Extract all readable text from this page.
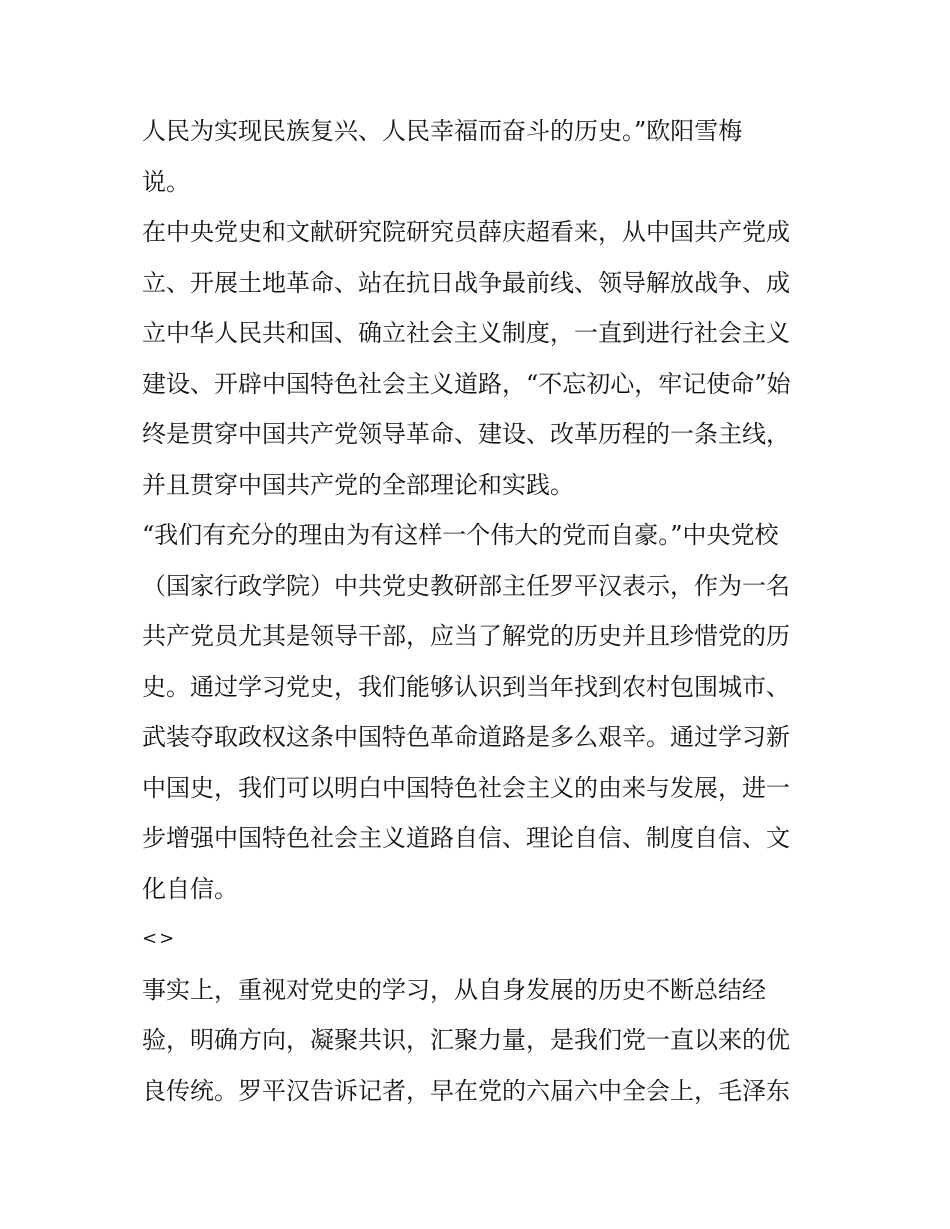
人民为实现民族复兴、人民幸福而奋斗的历史。”欧阳雪梅
说。
在中央党史和文献研究院研究员薛庆超看来，从中国共产党成
立、开展土地革命、站在抗日战争最前线、领导解放战争、成
立中华人民共和国、确立社会主义制度，一直到进行社会主义
建设、开辟中国特色社会主义道路，“不忘初心，牢记使命”始
终是贯穿中国共产党领导革命、建设、改革历程的一条主线，
并且贯穿中国共产党的全部理论和实践。
“我们有充分的理由为有这样一个伟大的党而自豪。”中央党校
（国家行政学院）中共党史教研部主任罗平汉表示，作为一名
共产党员尤其是领导干部，应当了解党的历史并且珍惜党的历
史。通过学习党史，我们能够认识到当年找到农村包围城市、
武装夺取政权这条中国特色革命道路是多么艰辛。通过学习新
中国史，我们可以明白中国特色社会主义的由来与发展，进一
步增强中国特色社会主义道路自信、理论自信、制度自信、文
化自信。
<>
事实上，重视对党史的学习，从自身发展的历史不断总结经
验，明确方向，凝聚共识，汇聚力量，是我们党一直以来的优
良传统。罗平汉告诉记者，早在党的六届六中全会上，毛泽东
